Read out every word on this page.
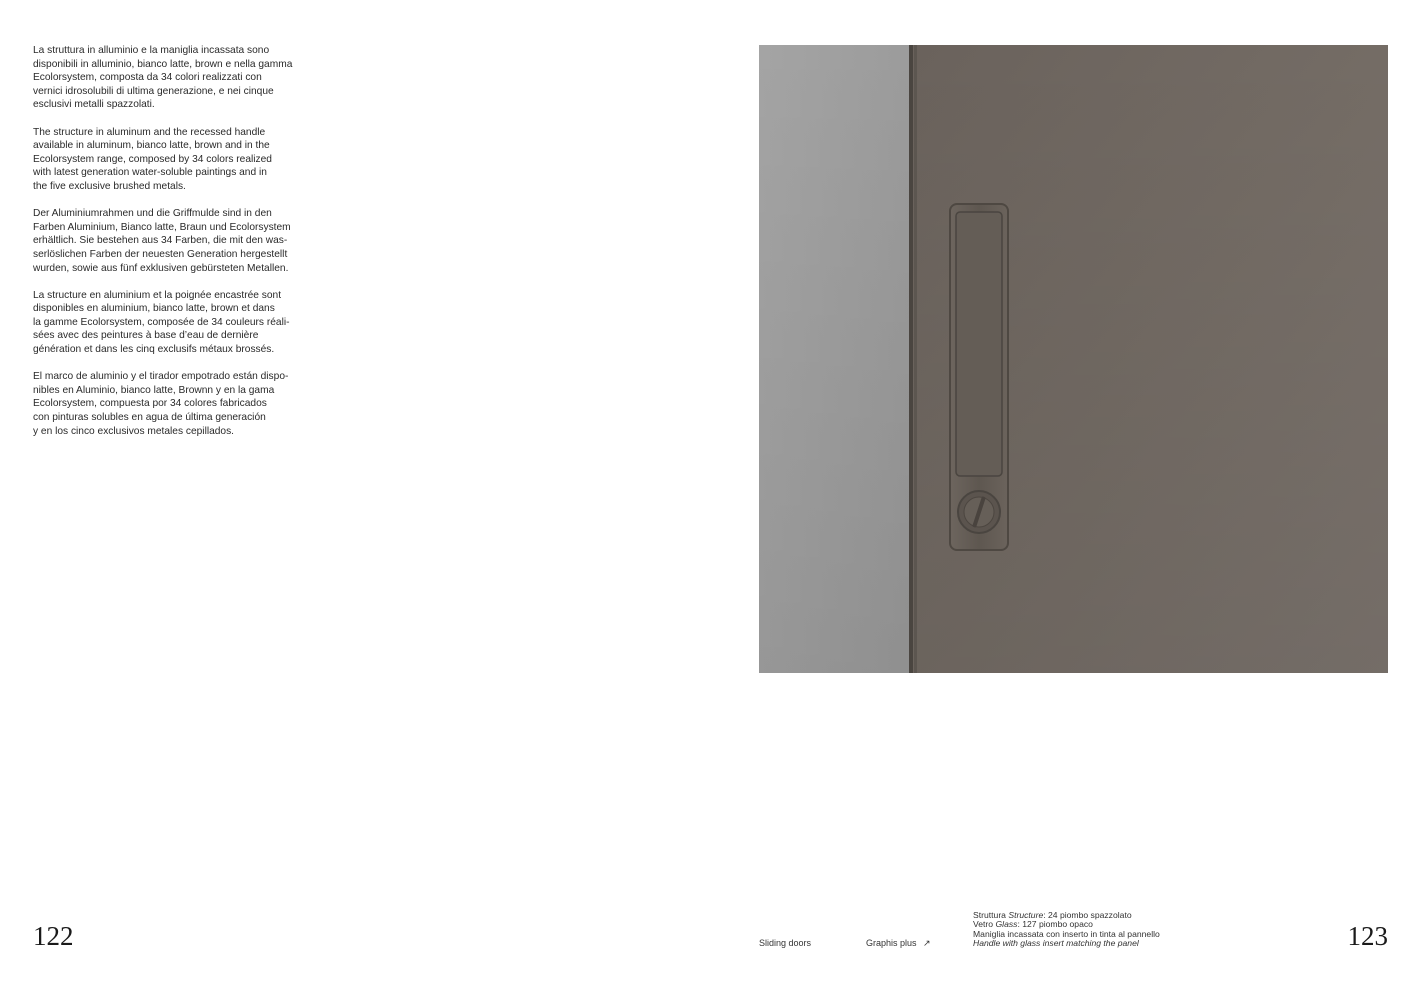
La struttura in alluminio e la maniglia incassata sono
disponibili in alluminio, bianco latte, brown e nella gamma
Ecolorsystem, composta da 34 colori realizzati con
vernici idrosolubili di ultima generazione, e nei cinque
esclusivi metalli spazzolati.

The structure in aluminum and the recessed handle
available in aluminum, bianco latte, brown and in the
Ecolorsystem range, composed by 34 colors realized
with latest generation water-soluble paintings and in
the five exclusive brushed metals.

Der Aluminiumrahmen und die Griffmulde sind in den
Farben Aluminium, Bianco latte, Braun und Ecolorsystem
erhältlich. Sie bestehen aus 34 Farben, die mit den was-
serlöslichen Farben der neuesten Generation hergestellt
wurden, sowie aus fünf exklusiven gebürsteten Metallen.

La structure en aluminium et la poignée encastrée sont
disponibles en aluminium, bianco latte, brown et dans
la gamme Ecolorsystem, composée de 34 couleurs réali-
sées avec des peintures à base d’eau de dernière
génération et dans les cinq exclusifs métaux brossés.

El marco de aluminio y el tirador empotrado están dispo-
nibles en Aluminio, bianco latte, Brownn y en la gama
Ecolorsystem, compuesta por 34 colores fabricados
con pinturas solubles en agua de última generación
y en los cinco exclusivos metales cepillados.

122	Sliding doors	Graphis plus ↗
Struttura Structure: 24 piombo spazzolato
Vetro Glass: 127 piombo opaco
Maniglia incassata con inserto in tinta al pannello
Handle with glass insert matching the panel	123
